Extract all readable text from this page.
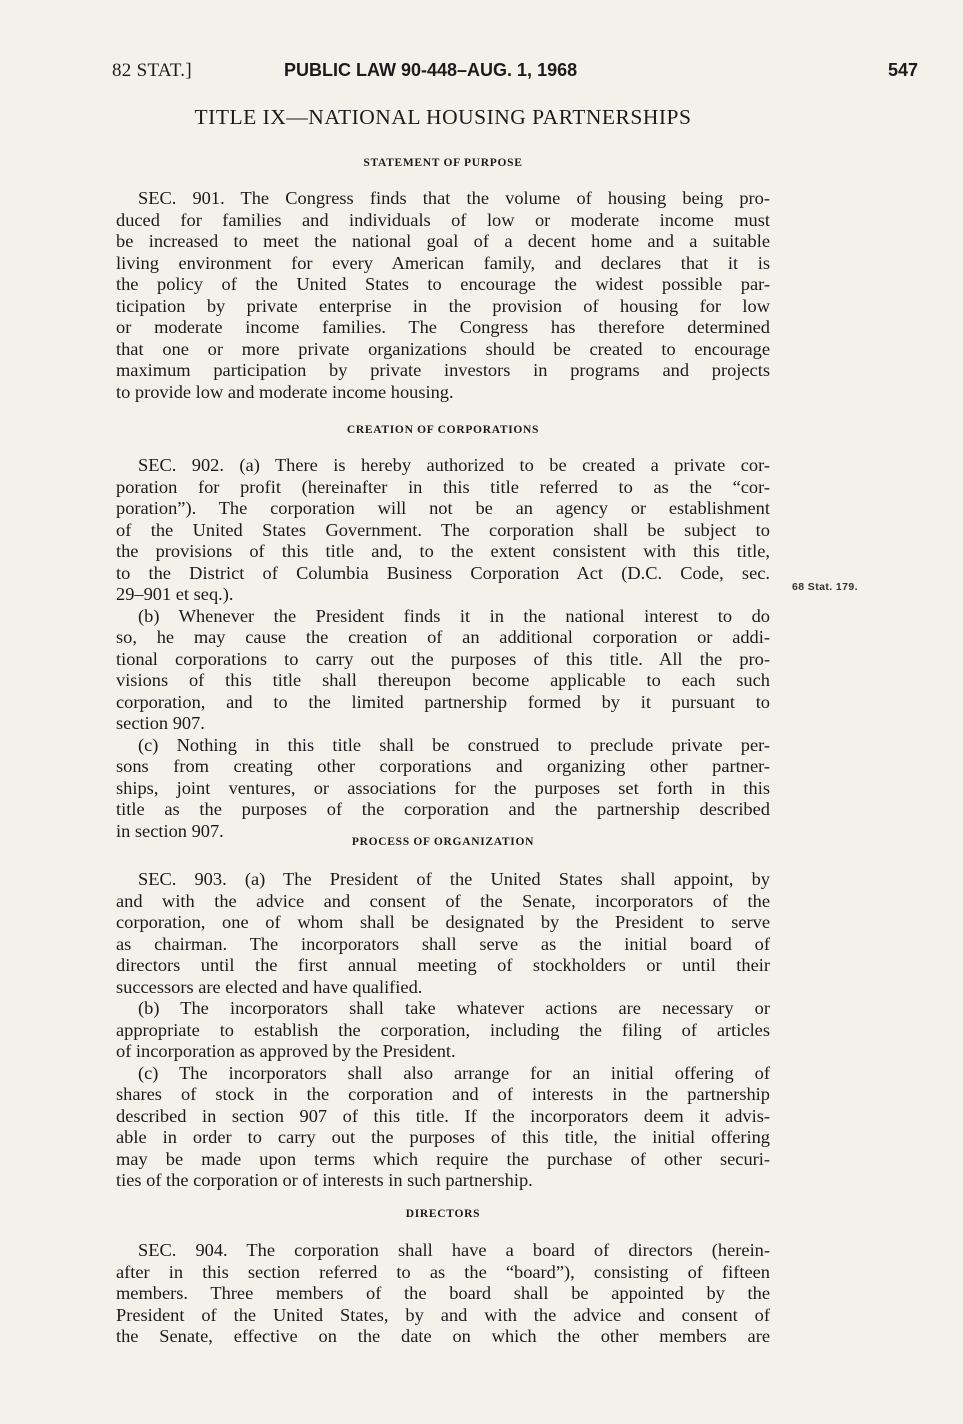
82 STAT.]	PUBLIC LAW 90-448–AUG. 1, 1968	547
TITLE IX—NATIONAL HOUSING PARTNERSHIPS
STATEMENT OF PURPOSE
SEC. 901. The Congress finds that the volume of housing being pro-
duced for families and individuals of low or moderate income must
be increased to meet the national goal of a decent home and a suitable
living environment for every American family, and declares that it is
the policy of the United States to encourage the widest possible par-
ticipation by private enterprise in the provision of housing for low
or moderate income families. The Congress has therefore determined
that one or more private organizations should be created to encourage
maximum participation by private investors in programs and projects
to provide low and moderate income housing.
CREATION OF CORPORATIONS
SEC. 902. (a) There is hereby authorized to be created a private cor-
poration for profit (hereinafter in this title referred to as the “cor-
poration”). The corporation will not be an agency or establishment
of the United States Government. The corporation shall be subject to
the provisions of this title and, to the extent consistent with this title,
to the District of Columbia Business Corporation Act (D.C. Code, sec.
29–901 et seq.).
(b) Whenever the President finds it in the national interest to do
so, he may cause the creation of an additional corporation or addi-
tional corporations to carry out the purposes of this title. All the pro-
visions of this title shall thereupon become applicable to each such
corporation, and to the limited partnership formed by it pursuant to
section 907.
(c) Nothing in this title shall be construed to preclude private per-
sons from creating other corporations and organizing other partner-
ships, joint ventures, or associations for the purposes set forth in this
title as the purposes of the corporation and the partnership described
in section 907.
68 Stat. 179.
PROCESS OF ORGANIZATION
SEC. 903. (a) The President of the United States shall appoint, by
and with the advice and consent of the Senate, incorporators of the
corporation, one of whom shall be designated by the President to serve
as chairman. The incorporators shall serve as the initial board of
directors until the first annual meeting of stockholders or until their
successors are elected and have qualified.
(b) The incorporators shall take whatever actions are necessary or
appropriate to establish the corporation, including the filing of articles
of incorporation as approved by the President.
(c) The incorporators shall also arrange for an initial offering of
shares of stock in the corporation and of interests in the partnership
described in section 907 of this title. If the incorporators deem it advis-
able in order to carry out the purposes of this title, the initial offering
may be made upon terms which require the purchase of other securi-
ties of the corporation or of interests in such partnership.
DIRECTORS
SEC. 904. The corporation shall have a board of directors (herein-
after in this section referred to as the “board”), consisting of fifteen
members. Three members of the board shall be appointed by the
President of the United States, by and with the advice and consent of
the Senate, effective on the date on which the other members are
